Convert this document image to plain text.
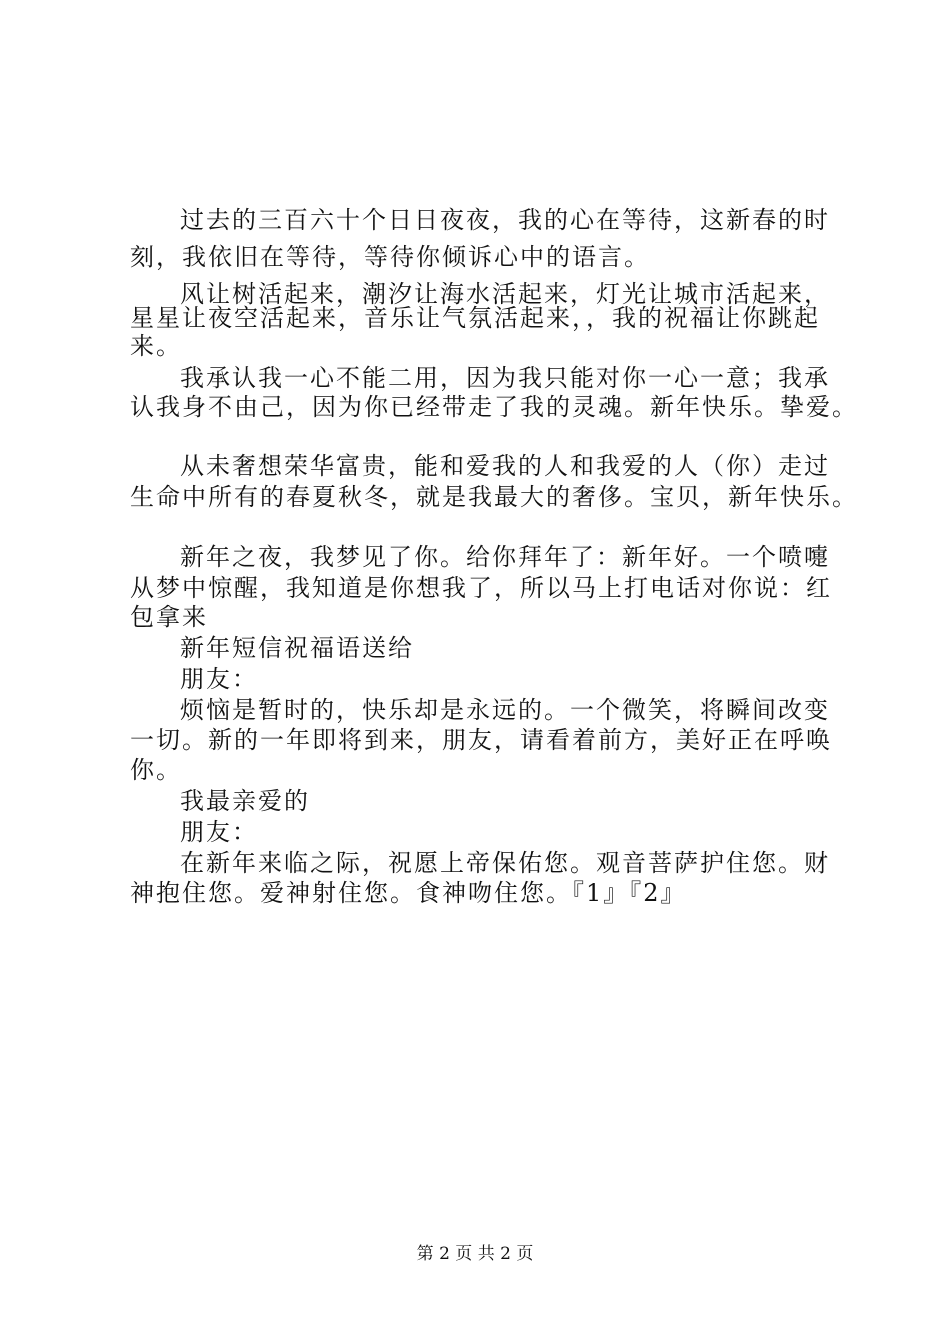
过去的三百六十个日日夜夜，我的心在等待，这新春的时
刻，我依旧在等待，等待你倾诉心中的语言。
风让树活起来，潮汐让海水活起来，灯光让城市活起来，
星星让夜空活起来，音乐让气氛活起来，，我的祝福让你跳起
来。
我承认我一心不能二用，因为我只能对你一心一意；我承
认我身不由己，因为你已经带走了我的灵魂。新年快乐。挚爱。
从未奢想荣华富贵，能和爱我的人和我爱的人（你）走过
生命中所有的春夏秋冬，就是我最大的奢侈。宝贝，新年快乐。
新年之夜，我梦见了你。给你拜年了：新年好。一个喷嚏
从梦中惊醒，我知道是你想我了，所以马上打电话对你说：红
包拿来
新年短信祝福语送给
朋友：
烦恼是暂时的，快乐却是永远的。一个微笑，将瞬间改变
一切。新的一年即将到来，朋友，请看着前方，美好正在呼唤
你。
我最亲爱的
朋友：
在新年来临之际，祝愿上帝保佑您。观音菩萨护住您。财
神抱住您。爱神射住您。食神吻住您。『1』『2』
第 2 页 共 2 页
